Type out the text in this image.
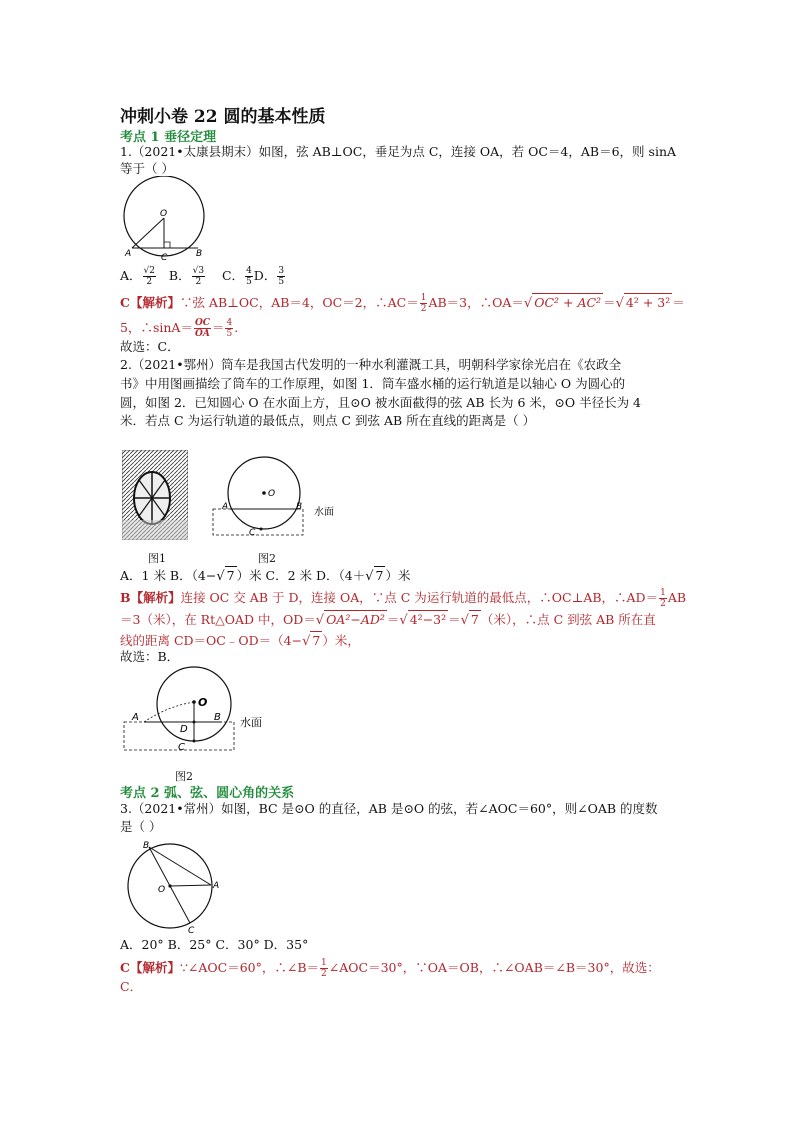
冲刺小卷 22 圆的基本性质
考点 1 垂径定理
1.（2021•太康县期末）如图，弦 AB⊥OC，垂足为点 C，连接 OA，若 OC＝4，AB＝6，则 sinA
等于（ ）
O
A	B
C
A． $\frac{√2}{2}$ B． $\frac{√3}{2}$ C． $\frac{4}{5}$ D． $\frac{3}{5}$
C【解析】∵弦 AB⊥OC，AB＝4，OC＝2，∴AC＝ $\frac{1}{2} AB=3$，∴OA＝√ OC² + AC² ＝√ 4² + 3² ＝
5，∴sinA＝ $\frac{OC}{OA} = \frac{4}{5}$ .
故选：C．
2.（2021•鄂州）筒车是我国古代发明的一种水利灌溉工具，明朝科学家徐光启在《农政全
书》中用图画描绘了筒车的工作原理，如图 1．筒车盛水桶的运行轨道是以轴心 O 为圆心的
圆，如图 2．已知圆心 O 在水面上方，且⊙O 被水面截得的弦 AB 长为 6 米，⊙O 半径长为 4
米．若点 C 为运行轨道的最低点，则点 C 到弦 AB 所在直线的距离是（ ）
O
A	B
C
水面
图1	图2
A．1 米 B．（4−√ 7 ）米 C．2 米 D．（4＋√ 7 ）米
B【解析】连接 OC 交 AB 于 D，连接 OA，∵点 C 为运行轨道的最低点，∴OC⊥AB，∴AD＝ $\frac{1}{2}$ AB
＝3（米），在 Rt△OAD 中，OD＝√ OA²−AD² ＝√ 4²−3² ＝√ 7 （米），∴点 C 到弦 AB 所在直
线的距离 CD＝OC﹣OD＝（4−√ 7 ）米，
故选：B．
O
A	B
C
D
水面
图2
考点 2 弧、弦、圆心角的关系
3.（2021•常州）如图，BC 是⊙O 的直径，AB 是⊙O 的弦，若∠AOC＝60°，则∠OAB 的度数
是（ ）
B
O	A
C
A．20° B．25° C．30° D．35°
C【解析】∵∠AOC＝60°，∴∠B＝ $\frac{1}{2}$ ∠AOC＝30°，∵OA＝OB，∴∠OAB＝∠B＝30°，故选：
C．
